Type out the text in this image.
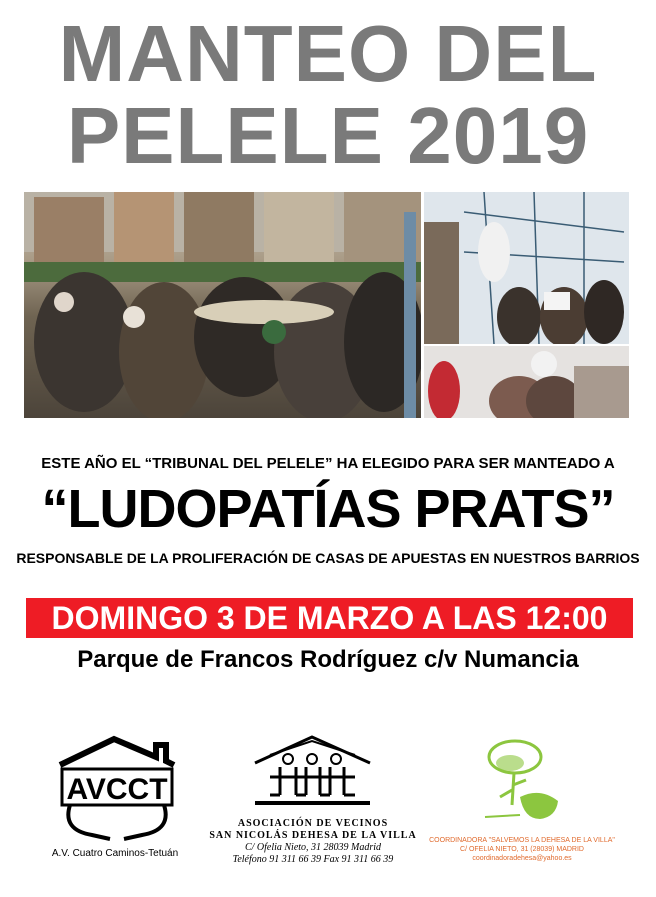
MANTEO DEL
PELELE 2019
ESTE AÑO EL “TRIBUNAL DEL PELELE” HA ELEGIDO PARA SER MANTEADO A
“LUDOPATÍAS PRATS”
RESPONSABLE DE LA PROLIFERACIÓN DE CASAS DE APUESTAS EN NUESTROS BARRIOS
DOMINGO 3 DE MARZO A LAS 12:00
Parque de Francos Rodríguez c/v Numancia
AVCCT
A.V. Cuatro Caminos-Tetuán
ASOCIACIÓN DE VECINOS
SAN NICOLÁS DEHESA DE LA VILLA
C/ Ofelia Nieto, 31 28039 Madrid
Teléfono 91 311 66 39 Fax 91 311 66 39
COORDINADORA "SALVEMOS LA DEHESA DE LA VILLA"
C/ OFELIA NIETO, 31 (28039) MADRID
coordinadoradehesa@yahoo.es
